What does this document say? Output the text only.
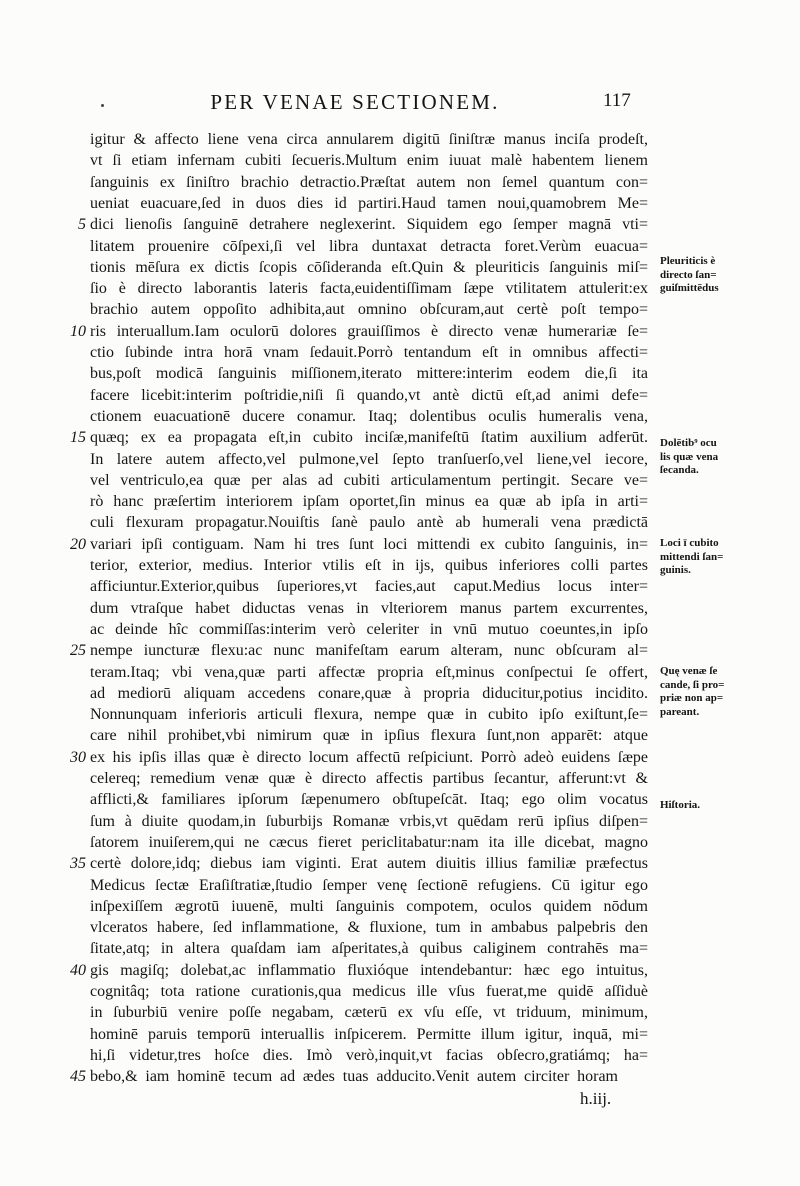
PER VENAE SECTIONEM.	117
5
10
15
20
25
30
35
40
45
igitur & affecto liene vena circa annularem digitū ſiniſtræ manus inciſa prodeſt,
vt ſi etiam infernam cubiti ſecueris.Multum enim iuuat malè habentem lienem
ſanguinis ex ſiniſtro brachio detractio.Præſtat autem non ſemel quantum con=
ueniat euacuare,ſed in duos dies id partiri.Haud tamen noui,quamobrem Me=
dici lienoſis ſanguinē detrahere neglexerint. Siquidem ego ſemper magnā vti=
litatem prouenire cōſpexi,ſi vel libra duntaxat detracta foret.Verùm euacua=
tionis mēſura ex dictis ſcopis cōſideranda eſt.Quin & pleuriticis ſanguinis miſ=
ſio è directo laborantis lateris facta,euidentiſſimam ſæpe vtilitatem attulerit:ex
brachio autem oppoſito adhibita,aut omnino obſcuram,aut certè poſt tempo=
ris interuallum.Iam oculorū dolores grauiſſimos è directo venæ humerariæ ſe=
ctio ſubinde intra horā vnam ſedauit.Porrò tentandum eſt in omnibus affecti=
bus,poſt modicā ſanguinis miſſionem,iterato mittere:interim eodem die,ſi ita
facere licebit:interim poſtridie,niſi ſi quando,vt antè dictū eſt,ad animi defe=
ctionem euacuationē ducere conamur. Itaq; dolentibus oculis humeralis vena,
quæq; ex ea propagata eſt,in cubito inciſæ,manifeſtū ſtatim auxilium adferūt.
In latere autem affecto,vel pulmone,vel ſepto tranſuerſo,vel liene,vel iecore,
vel ventriculo,ea quæ per alas ad cubiti articulamentum pertingit. Secare ve=
rò hanc præſertim interiorem ipſam oportet,ſin minus ea quæ ab ipſa in arti=
culi flexuram propagatur.Nouiſtis ſanè paulo antè ab humerali vena prædictā
variari ipſi contiguam. Nam hi tres ſunt loci mittendi ex cubito ſanguinis, in=
terior, exterior, medius. Interior vtilis eſt in ijs, quibus inferiores colli partes
afficiuntur.Exterior,quibus ſuperiores,vt facies,aut caput.Medius locus inter=
dum vtraſque habet diductas venas in vlteriorem manus partem excurrentes,
ac deinde hîc commiſſas:interim verò celeriter in vnū mutuo coeuntes,in ipſo
nempe iuncturæ flexu:ac nunc manifeſtam earum alteram, nunc obſcuram al=
teram.Itaq; vbi vena,quæ parti affectæ propria eſt,minus conſpectui ſe offert,
ad mediorū aliquam accedens conare,quæ à propria diducitur,potius incidito.
Nonnunquam inferioris articuli flexura, nempe quæ in cubito ipſo exiſtunt,ſe=
care nihil prohibet,vbi nimirum quæ in ipſius flexura ſunt,non apparēt: atque
ex his ipſis illas quæ è directo locum affectū reſpiciunt. Porrò adeò euidens ſæpe
celereq; remedium venæ quæ è directo affectis partibus ſecantur, afferunt:vt &
afflicti,& familiares ipſorum ſæpenumero obſtupeſcāt. Itaq; ego olim vocatus
ſum à diuite quodam,in ſuburbijs Romanæ vrbis,vt quēdam rerū ipſius diſpen=
ſatorem inuiſerem,qui ne cæcus fieret periclitabatur:nam ita ille dicebat, magno
certè dolore,idq; diebus iam viginti. Erat autem diuitis illius familiæ præfectus
Medicus ſectæ Eraſiſtratiæ,ſtudio ſemper venę ſectionē refugiens. Cū igitur ego
inſpexiſſem ægrotū iuuenē, multi ſanguinis compotem, oculos quidem nōdum
vlceratos habere, ſed inflammatione, & fluxione, tum in ambabus palpebris den
ſitate,atq; in altera quaſdam iam aſperitates,à quibus caliginem contrahēs ma=
gis magiſq; dolebat,ac inflammatio fluxióque intendebantur: hæc ego intuitus,
cognitâq; tota ratione curationis,qua medicus ille vſus fuerat,me quidē aſſiduè
in ſuburbiū venire poſſe negabam, cæterū ex vſu eſſe, vt triduum, minimum,
hominē paruis temporū interuallis inſpicerem. Permitte illum igitur, inquā, mi=
hi,ſi videtur,tres hoſce dies. Imò verò,inquit,vt facias obſecro,gratiámq; ha=
bebo,& iam hominē tecum ad ædes tuas adducito.Venit autem circiter horam
Pleuriticis è
directo ſan=
guiſmittēdus
Dolētib⁹ ocu
lis quæ vena
ſecanda.
Loci ī cubito
mittendi ſan=
guinis.
Quę venæ ſe
cande, ſi pro=
priæ non ap=
pareant.
Hiſtoria.
h.iij.
